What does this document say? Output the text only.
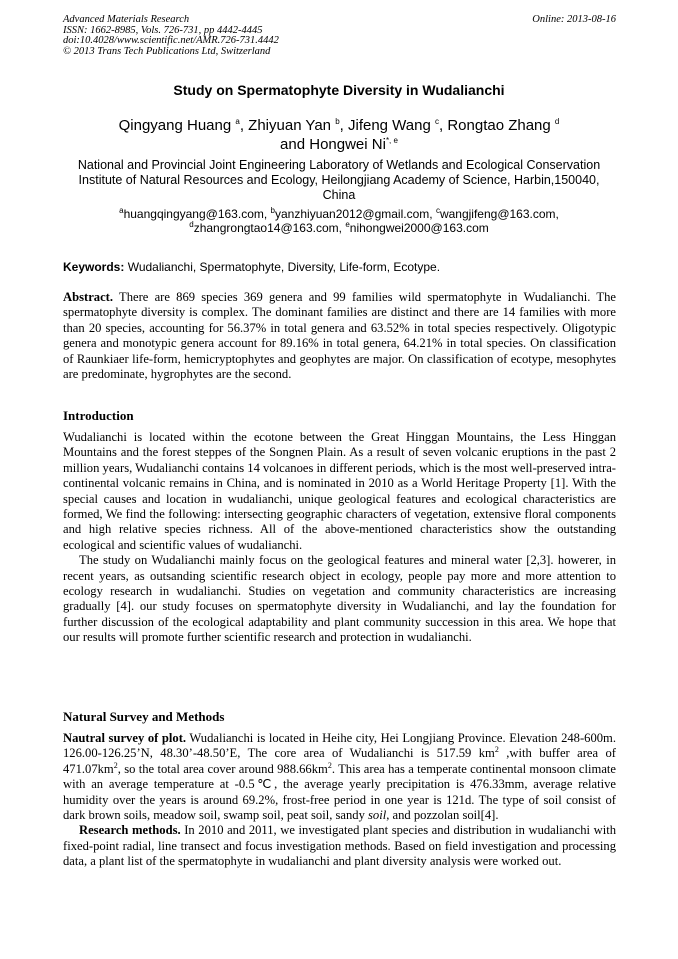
Advanced Materials Research
ISSN: 1662-8985, Vols. 726-731, pp 4442-4445
doi:10.4028/www.scientific.net/AMR.726-731.4442
© 2013 Trans Tech Publications Ltd, Switzerland
Online: 2013-08-16
Study on Spermatophyte Diversity in Wudalianchi
Qingyang Huang $^a$, Zhiyuan Yan $^b$, Jifeng Wang $^c$, Rongtao Zhang $^d$
and Hongwei $Ni^{*, e}$
National and Provincial Joint Engineering Laboratory of Wetlands and Ecological Conservation
Institute of Natural Resources and Ecology, Heilongjiang Academy of Science, Harbin,150040,
China
$^a$huangqingyang@163.com, $^b$yanzhiyuan2012@gmail.com, $^c$wangjifeng@163.com,
$^d$zhangrongtao14@163.com, $^e$nihongwei2000@163.com
Keywords: Wudalianchi, Spermatophyte, Diversity, Life-form, Ecotype.

Abstract. There are 869 species 369 genera and 99 families wild spermatophyte in Wudalianchi. The spermatophyte diversity is complex. The dominant families are distinct and there are 14 families with more than 20 species, accounting for 56.37% in total genera and 63.52% in total species respectively. Oligotypic genera and monotypic genera account for 89.16% in total genera, 64.21% in total species. On classification of Raunkiaer life-form, hemicryptophytes and geophytes are major. On classification of ecotype, mesophytes are predominate, hygrophytes are the second.

Introduction

Wudalianchi is located within the ecotone between the Great Hinggan Mountains, the Less Hinggan Mountains and the forest steppes of the Songnen Plain. As a result of seven volcanic eruptions in the past 2 million years, Wudalianchi contains 14 volcanoes in different periods, which is the most well-preserved intra-continental volcanic remains in China, and is nominated in 2010 as a World Heritage Property [1]. With the special causes and location in wudalianchi, unique geological features and ecological characteristics are formed, We find the following: intersecting geographic characters of vegetation, extensive floral components and high relative species richness. All of the above-mentioned characteristics show the outstanding ecological and scientific values of wudalianchi.

The study on Wudalianchi mainly focus on the geological features and mineral water [2,3]. howerer, in recent years, as outsanding scientific research object in ecology, people pay more and more attention to ecology research in wudalianchi. Studies on vegetation and community characteristics are increasing gradually [4]. our study focuses on spermatophyte diversity in Wudalianchi, and lay the foundation for further discussion of the ecological adaptability and plant community succession in this area. We hope that our results will promote further scientific research and protection in wudalianchi.

Natural Survey and Methods

Nautral survey of plot. Wudalianchi is located in Heihe city, Hei Longjiang Province. Elevation 248-600m. 126.00-126.25’N, 48.30’-48.50’E, The core area of Wudalianchi is 517.59 $km^2$ ,with buffer area of $471.07km^2$, so the total area cover around $988.66km^2$. This area has a temperate continental monsoon climate with an average temperature at -0.5℃, the average yearly precipitation is 476.33mm, average relative humidity over the years is around 69.2%, frost-free period in one year is 121d. The type of soil consist of dark brown soils, meadow soil, swamp soil, peat soil, sandy soil, and pozzolan soil[4].

Research methods. In 2010 and 2011, we investigated plant species and distribution in wudalianchi with fixed-point radial, line transect and focus investigation methods. Based on field investigation and processing data, a plant list of the spermatophyte in wudalianchi and plant diversity analysis were worked out.
